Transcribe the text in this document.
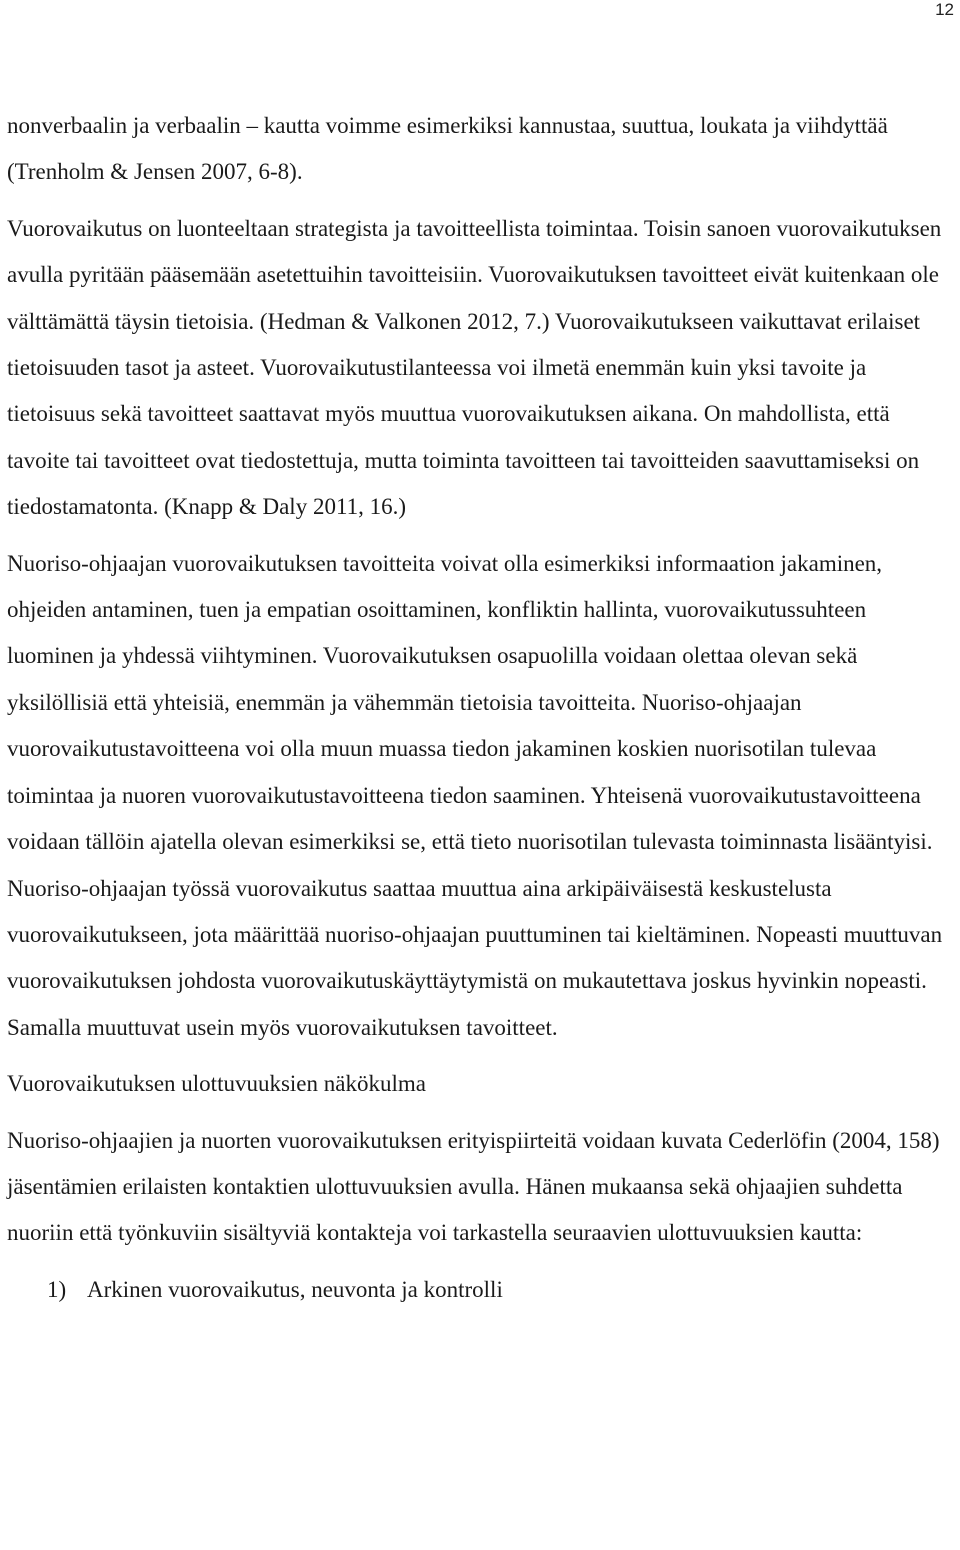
12

nonverbaalin ja verbaalin – kautta voimme esimerkiksi kannustaa, suuttua, loukata ja viihdyttää (Trenholm & Jensen 2007, 6-8).

Vuorovaikutus on luonteeltaan strategista ja tavoitteellista toimintaa. Toisin sanoen vuorovaikutuksen avulla pyritään pääsemään asetettuihin tavoitteisiin. Vuorovaikutuksen tavoitteet eivät kuitenkaan ole välttämättä täysin tietoisia. (Hedman & Valkonen 2012, 7.) Vuorovaikutukseen vaikuttavat erilaiset tietoisuuden tasot ja asteet. Vuorovaikutustilanteessa voi ilmetä enemmän kuin yksi tavoite ja tietoisuus sekä tavoitteet saattavat myös muuttua vuorovaikutuksen aikana. On mahdollista, että tavoite tai tavoitteet ovat tiedostettuja, mutta toiminta tavoitteen tai tavoitteiden saavuttamiseksi on tiedostamatonta. (Knapp & Daly 2011, 16.)

Nuoriso-ohjaajan vuorovaikutuksen tavoitteita voivat olla esimerkiksi informaation jakaminen, ohjeiden antaminen, tuen ja empatian osoittaminen, konfliktin hallinta, vuorovaikutussuhteen luominen ja yhdessä viihtyminen. Vuorovaikutuksen osapuolilla voidaan olettaa olevan sekä yksilöllisiä että yhteisiä, enemmän ja vähemmän tietoisia tavoitteita. Nuoriso-ohjaajan vuorovaikutustavoitteena voi olla muun muassa tiedon jakaminen koskien nuorisotilan tulevaa toimintaa ja nuoren vuorovaikutustavoitteena tiedon saaminen. Yhteisenä vuorovaikutustavoitteena voidaan tällöin ajatella olevan esimerkiksi se, että tieto nuorisotilan tulevasta toiminnasta lisääntyisi. Nuoriso-ohjaajan työssä vuorovaikutus saattaa muuttua aina arkipäiväisestä keskustelusta vuorovaikutukseen, jota määrittää nuoriso-ohjaajan puuttuminen tai kieltäminen. Nopeasti muuttuvan vuorovaikutuksen johdosta vuorovaikutuskäyttäytymistä on mukautettava joskus hyvinkin nopeasti. Samalla muuttuvat usein myös vuorovaikutuksen tavoitteet.

Vuorovaikutuksen ulottuvuuksien näkökulma

Nuoriso-ohjaajien ja nuorten vuorovaikutuksen erityispiirteitä voidaan kuvata Cederlöfin (2004, 158) jäsentämien erilaisten kontaktien ulottuvuuksien avulla. Hänen mukaansa sekä ohjaajien suhdetta nuoriin että työnkuviin sisältyviä kontakteja voi tarkastella seuraavien ulottuvuuksien kautta:

1) Arkinen vuorovaikutus, neuvonta ja kontrolli
